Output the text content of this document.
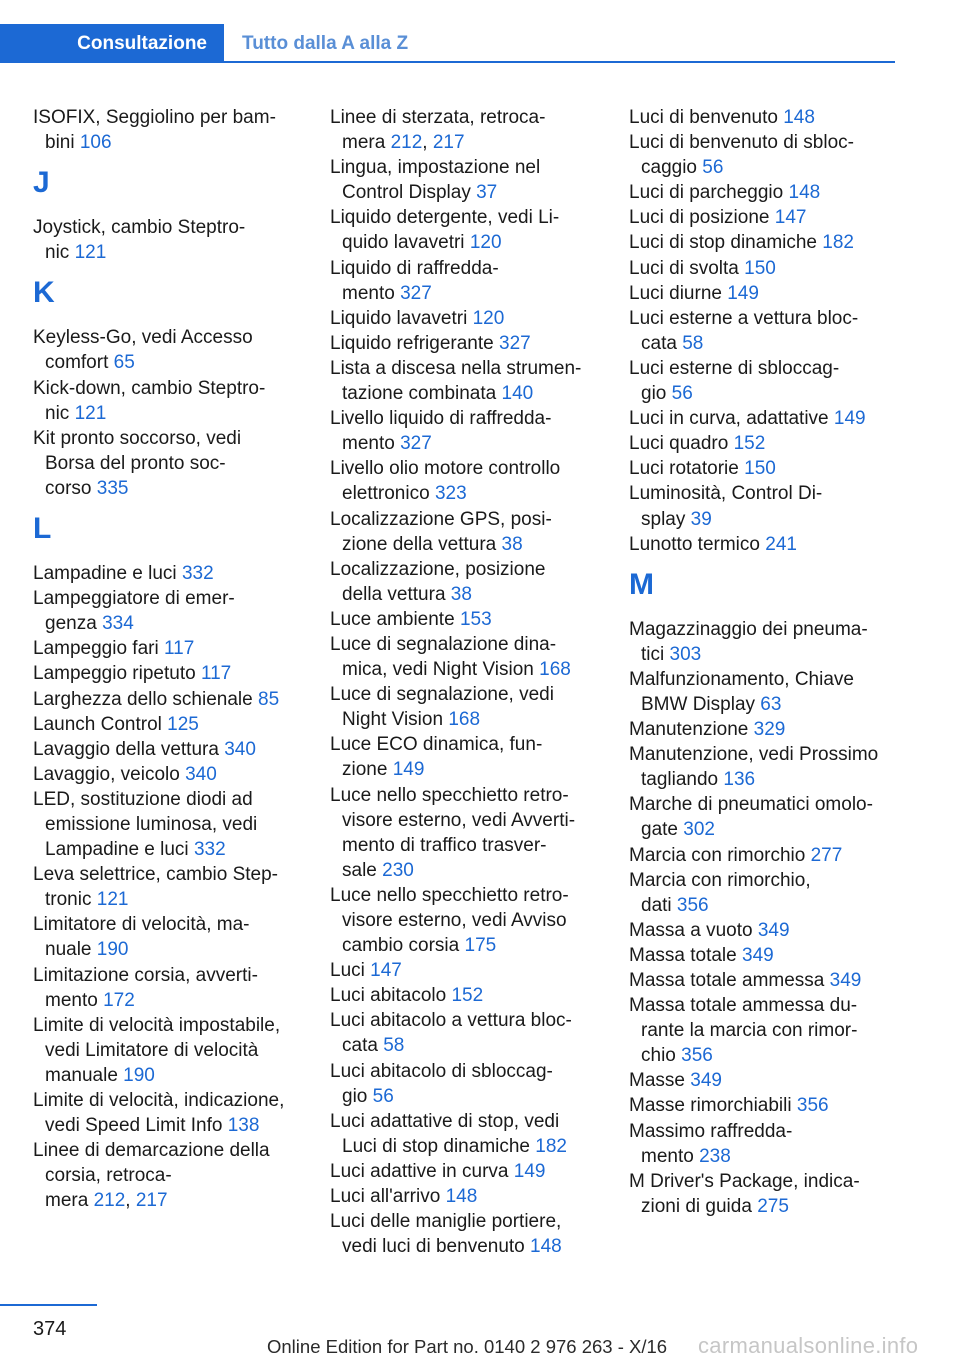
Consultazione	Tutto dalla A alla Z
ISOFIX, Seggiolino per bam-
bini 106
J
Joystick, cambio Steptro-
nic 121
K
Keyless-Go, vedi Accesso
comfort 65
Kick-down, cambio Steptro-
nic 121
Kit pronto soccorso, vedi
Borsa del pronto soc-
corso 335
L
Lampadine e luci 332
Lampeggiatore di emer-
genza 334
Lampeggio fari 117
Lampeggio ripetuto 117
Larghezza dello schienale 85
Launch Control 125
Lavaggio della vettura 340
Lavaggio, veicolo 340
LED, sostituzione diodi ad
emissione luminosa, vedi
Lampadine e luci 332
Leva selettrice, cambio Step-
tronic 121
Limitatore di velocità, ma-
nuale 190
Limitazione corsia, avverti-
mento 172
Limite di velocità impostabile,
vedi Limitatore di velocità
manuale 190
Limite di velocità, indicazione,
vedi Speed Limit Info 138
Linee di demarcazione della
corsia, retroca-
mera 212, 217
Linee di sterzata, retroca-
mera 212, 217
Lingua, impostazione nel
Control Display 37
Liquido detergente, vedi Li-
quido lavavetri 120
Liquido di raffredda-
mento 327
Liquido lavavetri 120
Liquido refrigerante 327
Lista a discesa nella strumen-
tazione combinata 140
Livello liquido di raffredda-
mento 327
Livello olio motore controllo
elettronico 323
Localizzazione GPS, posi-
zione della vettura 38
Localizzazione, posizione
della vettura 38
Luce ambiente 153
Luce di segnalazione dina-
mica, vedi Night Vision 168
Luce di segnalazione, vedi
Night Vision 168
Luce ECO dinamica, fun-
zione 149
Luce nello specchietto retro-
visore esterno, vedi Avverti-
mento di traffico trasver-
sale 230
Luce nello specchietto retro-
visore esterno, vedi Avviso
cambio corsia 175
Luci 147
Luci abitacolo 152
Luci abitacolo a vettura bloc-
cata 58
Luci abitacolo di sbloccag-
gio 56
Luci adattative di stop, vedi
Luci di stop dinamiche 182
Luci adattive in curva 149
Luci all'arrivo 148
Luci delle maniglie portiere,
vedi luci di benvenuto 148
Luci di benvenuto 148
Luci di benvenuto di sbloc-
caggio 56
Luci di parcheggio 148
Luci di posizione 147
Luci di stop dinamiche 182
Luci di svolta 150
Luci diurne 149
Luci esterne a vettura bloc-
cata 58
Luci esterne di sbloccag-
gio 56
Luci in curva, adattative 149
Luci quadro 152
Luci rotatorie 150
Luminosità, Control Di-
splay 39
Lunotto termico 241
M
Magazzinaggio dei pneuma-
tici 303
Malfunzionamento, Chiave
BMW Display 63
Manutenzione 329
Manutenzione, vedi Prossimo
tagliando 136
Marche di pneumatici omolo-
gate 302
Marcia con rimorchio 277
Marcia con rimorchio,
dati 356
Massa a vuoto 349
Massa totale 349
Massa totale ammessa 349
Massa totale ammessa du-
rante la marcia con rimor-
chio 356
Masse 349
Masse rimorchiabili 356
Massimo raffredda-
mento 238
M Driver's Package, indica-
zioni di guida 275
374
Online Edition for Part no. 0140 2 976 263 - X/16 carmanualsonline.info
